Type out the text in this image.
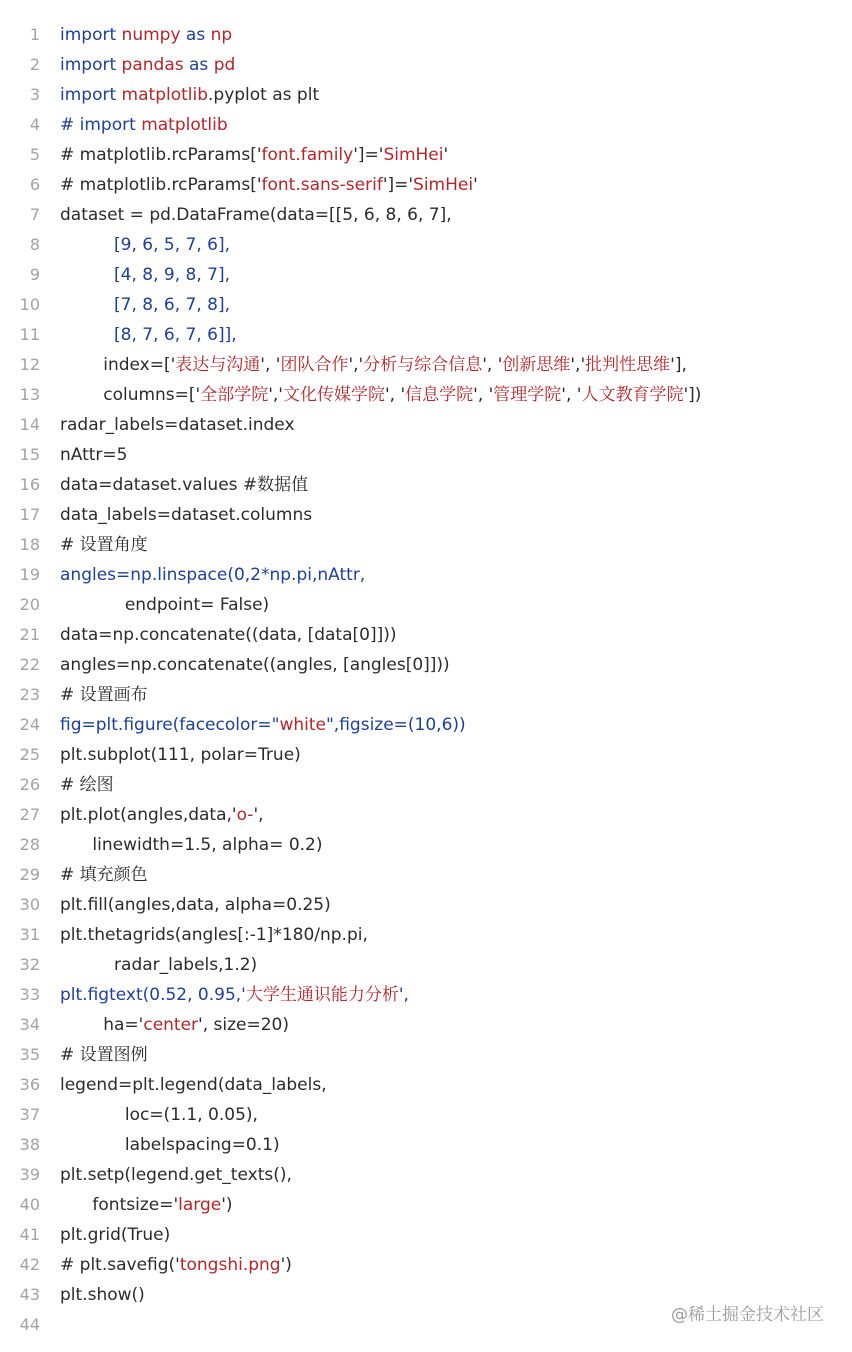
1 import numpy as np
2 import pandas as pd
3 import matplotlib.pyplot as plt
4 # import matplotlib
5 # matplotlib.rcParams['font.family']='SimHei'
6 # matplotlib.rcParams['font.sans-serif']='SimHei'
7 dataset = pd.DataFrame(data=[[5, 6, 8, 6, 7],
8 [9, 6, 5, 7, 6],
9 [4, 8, 9, 8, 7],
10 [7, 8, 6, 7, 8],
11 [8, 7, 6, 7, 6]],
12 index=['表达与沟通', '团队合作','分析与综合信息', '创新思维','批判性思维'],
13 columns=['全部学院','文化传媒学院', '信息学院', '管理学院', '人文教育学院'])
14 radar_labels=dataset.index
15 nAttr=5
16 data=dataset.values #数据值
17 data_labels=dataset.columns
18 # 设置角度
19 angles=np.linspace(0,2*np.pi,nAttr,
20 endpoint= False)
21 data=np.concatenate((data, [data[0]]))
22 angles=np.concatenate((angles, [angles[0]]))
23 # 设置画布
24 fig=plt.figure(facecolor="white",figsize=(10,6))
25 plt.subplot(111, polar=True)
26 # 绘图
27 plt.plot(angles,data,'o-',
28 linewidth=1.5, alpha= 0.2)
29 # 填充颜色
30 plt.fill(angles,data, alpha=0.25)
31 plt.thetagrids(angles[:-1]*180/np.pi,
32 radar_labels,1.2)
33 plt.figtext(0.52, 0.95,'大学生通识能力分析',
34 ha='center', size=20)
35 # 设置图例
36 legend=plt.legend(data_labels,
37 loc=(1.1, 0.05),
38 labelspacing=0.1)
39 plt.setp(legend.get_texts(),
40 fontsize='large')
41 plt.grid(True)
42 # plt.savefig('tongshi.png')
43 plt.show()
44	@稀土掘金技术社区
